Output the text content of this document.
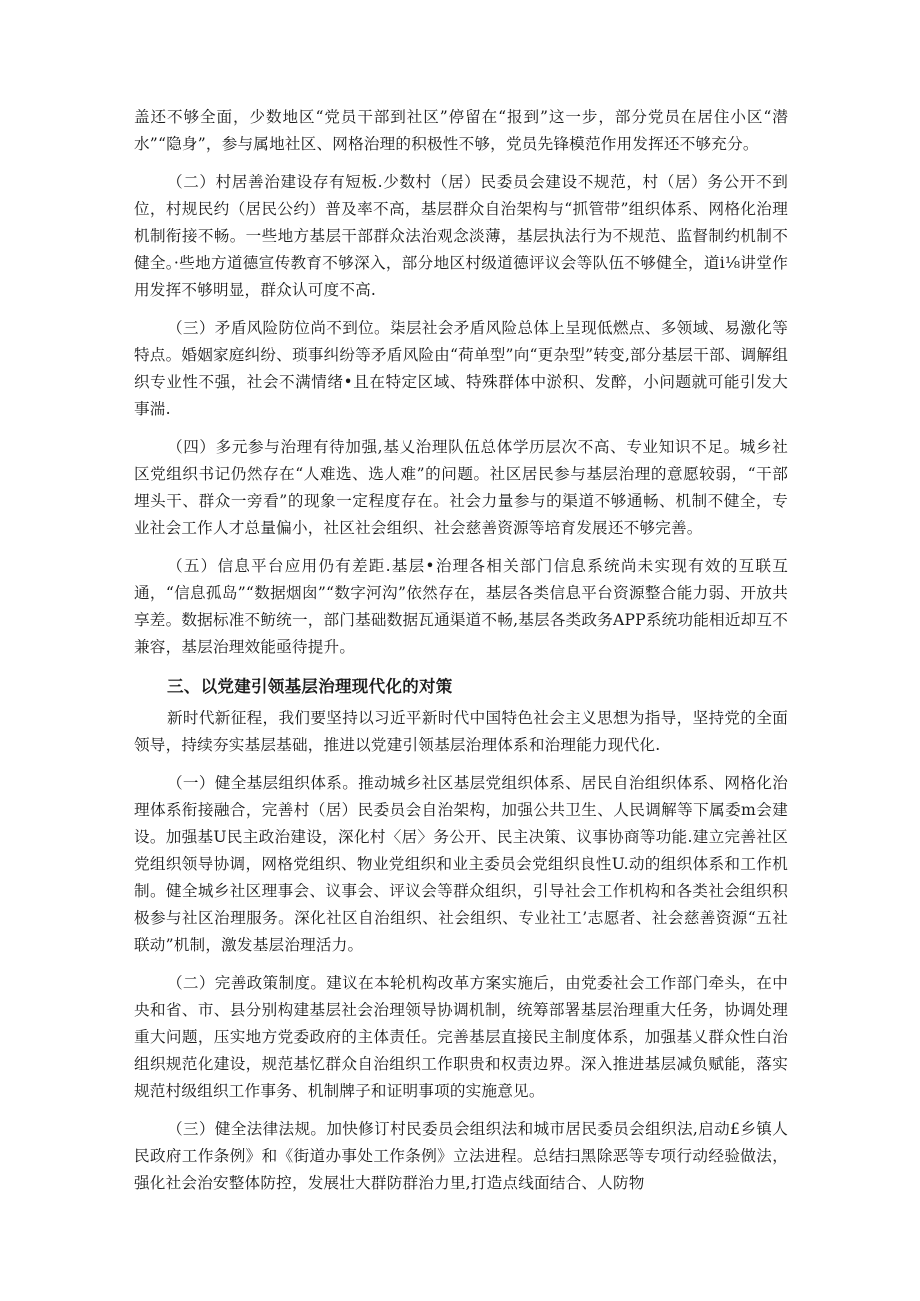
盖还不够全面，少数地区“党员干部到社区”停留在“报到”这一步，部分党员在居住小区“潜水”“隐身”，参与属地社区、网格治理的积极性不够，党员先锋模范作用发挥还不够充分。

（二）村居善治建设存有短板.少数村（居）民委员会建设不规范，村（居）务公开不到位，村规民约（居民公约）普及率不高，基层群众自治架构与“抓管带”组织体系、网格化治理机制衔接不畅。一些地方基层干部群众法治观念淡薄，基层执法行为不规范、监督制约机制不健全。·些地方道德宣传教育不够深入，部分地区村级道德评议会等队伍不够健全，道i⅛讲堂作用发挥不够明显，群众认可度不高.

（三）矛盾风险防位尚不到位。柒层社会矛盾风险总体上呈现低燃点、多领域、易激化等特点。婚姻家庭纠纷、琐事纠纷等矛盾风险由“荷单型”向“更杂型”转变,部分基层干部、调解组织专业性不强，社会不满情绪•且在特定区域、特殊群体中淤积、发醉，小问题就可能引发大事湍.

（四）多元参与治理有待加强,基乂治理队伍总体学历层次不高、专业知识不足。城乡社区党组织书记仍然存在“人难选、选人难”的问题。社区居民参与基层治理的意愿较弱，“干部埋头干、群众一旁看”的现象一定程度存在。社会力量参与的渠道不够通畅、机制不健全，专业社会工作人才总量偏小，社区社会组织、社会慈善资源等培育发展还不够完善。

（五）信息平台应用仍有差距.基层•治理各相关部门信息系统尚未实现有效的互联互通，“信息孤岛”“数据烟囱”“数字河沟”依然存在，基层各类信息平台资源整合能力弱、开放共享差。数据标准不鲂统一，部门基础数据瓦通渠道不畅,基层各类政务APP系统功能相近却互不兼容，基层治理效能亟待提升。

三、以党建引领基层治理现代化的对策

新时代新征程，我们要坚持以习近平新时代中国特色社会主义思想为指导，坚持党的全面领导，持续夯实基层基础，推进以党建引领基层治理体系和治理能力现代化.

（一）健全基层组织体系。推动城乡社区基层党组织体系、居民自治组织体系、网格化治理体系衔接融合，完善村（居）民委员会自治架构，加强公共卫生、人民调解等下属委m会建设。加强基U民主政治建设，深化村〈居〉务公开、民主决策、议事协商等功能.建立完善社区党组织领导协调，网格党组织、物业党组织和业主委员会党组织良性U.动的组织体系和工作机制。健全城乡社区理事会、议事会、评议会等群众组织，引导社会工作机构和各类社会组织积极参与社区治理服务。深化社区自治组织、社会组织、专业社工’志愿者、社会慈善资源“五社联动”机制，激发基层治理活力。

（二）完善政策制度。建议在本轮机构改革方案实施后，由党委社会工作部门牵头，在中央和省、市、县分别构建基层社会治理领导协调机制，统筹部署基层治理重大任务，协调处理重大问题，压实地方党委政府的主体责任。完善基层直接民主制度体系，加强基乂群众性白治组织规范化建设，规范基忆群众自治组织工作职贵和权责边界。深入推进基层减负赋能，落实规范村级组织工作事务、机制牌子和证明事项的实施意见。

（三）健全法律法规。加快修订村民委员会组织法和城市居民委员会组织法,启动£乡镇人民政府工作条例》和《街道办事处工作条例》立法进程。总结扫黑除恶等专项行动经验做法，强化社会治安整体防控，发展壮大群防群治力里,打造点线面结合、人防物
